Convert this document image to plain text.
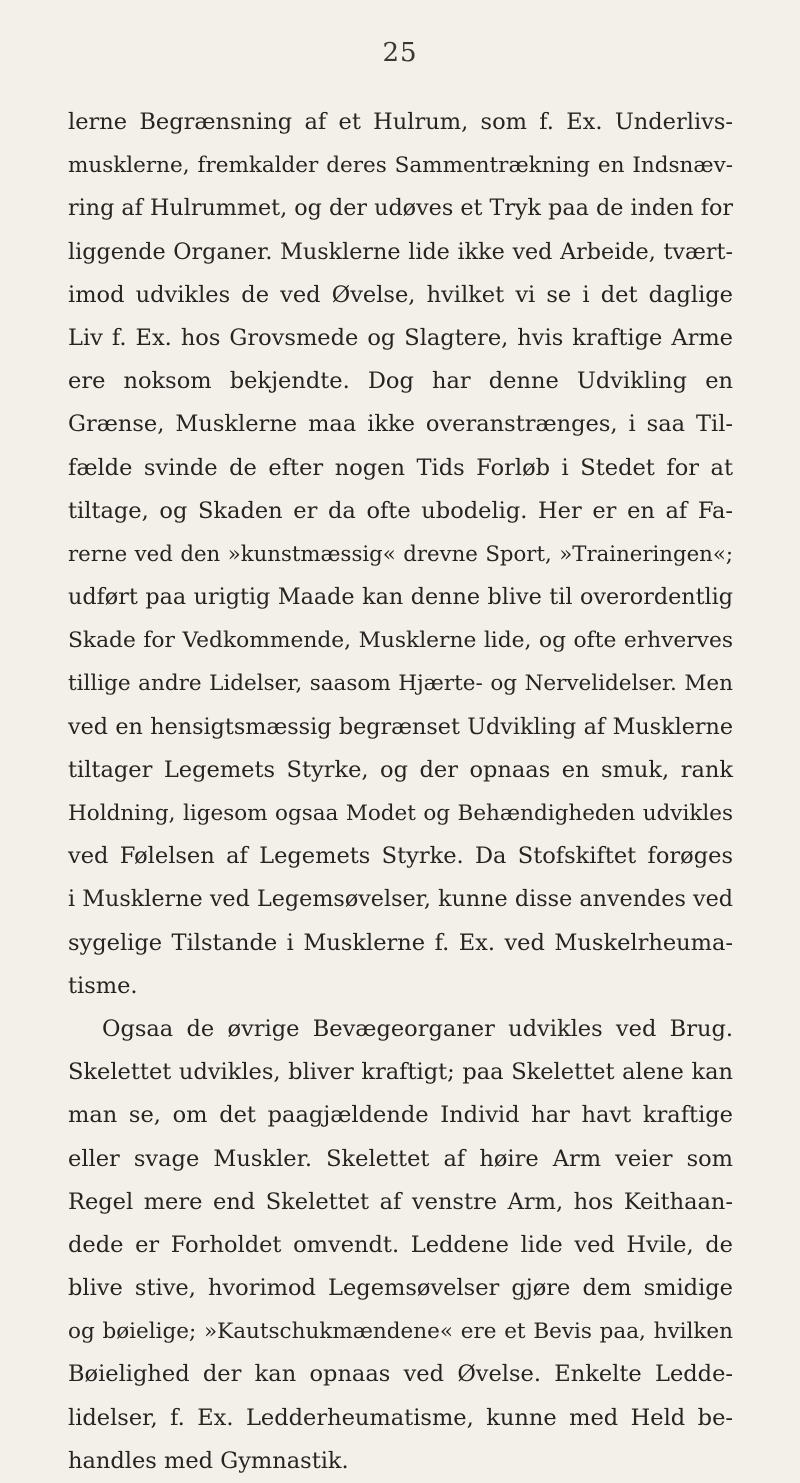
25
lerne Begrænsning af et Hulrum, som f. Ex. Underlivs-
musklerne, fremkalder deres Sammentrækning en Indsnæv-
ring af Hulrummet, og der udøves et Tryk paa de inden for
liggende Organer. Musklerne lide ikke ved Arbeide, tvært-
imod udvikles de ved Øvelse, hvilket vi se i det daglige
Liv f. Ex. hos Grovsmede og Slagtere, hvis kraftige Arme
ere noksom bekjendte. Dog har denne Udvikling en
Grænse, Musklerne maa ikke overanstrænges, i saa Til-
fælde svinde de efter nogen Tids Forløb i Stedet for at
tiltage, og Skaden er da ofte ubodelig. Her er en af Fa-
rerne ved den »kunstmæssig« drevne Sport, »Traineringen«;
udført paa urigtig Maade kan denne blive til overordentlig
Skade for Vedkommende, Musklerne lide, og ofte erhverves
tillige andre Lidelser, saasom Hjærte- og Nervelidelser. Men
ved en hensigtsmæssig begrænset Udvikling af Musklerne
tiltager Legemets Styrke, og der opnaas en smuk, rank
Holdning, ligesom ogsaa Modet og Behændigheden udvikles
ved Følelsen af Legemets Styrke. Da Stofskiftet forøges
i Musklerne ved Legemsøvelser, kunne disse anvendes ved
sygelige Tilstande i Musklerne f. Ex. ved Muskelrheuma-
tisme.
Ogsaa de øvrige Bevægeorganer udvikles ved Brug.
Skelettet udvikles, bliver kraftigt; paa Skelettet alene kan
man se, om det paagjældende Individ har havt kraftige
eller svage Muskler. Skelettet af høire Arm veier som
Regel mere end Skelettet af venstre Arm, hos Keithaan-
dede er Forholdet omvendt. Leddene lide ved Hvile, de
blive stive, hvorimod Legemsøvelser gjøre dem smidige
og bøielige; »Kautschukmændene« ere et Bevis paa, hvilken
Bøielighed der kan opnaas ved Øvelse. Enkelte Ledde-
lidelser, f. Ex. Ledderheumatisme, kunne med Held be-
handles med Gymnastik.
